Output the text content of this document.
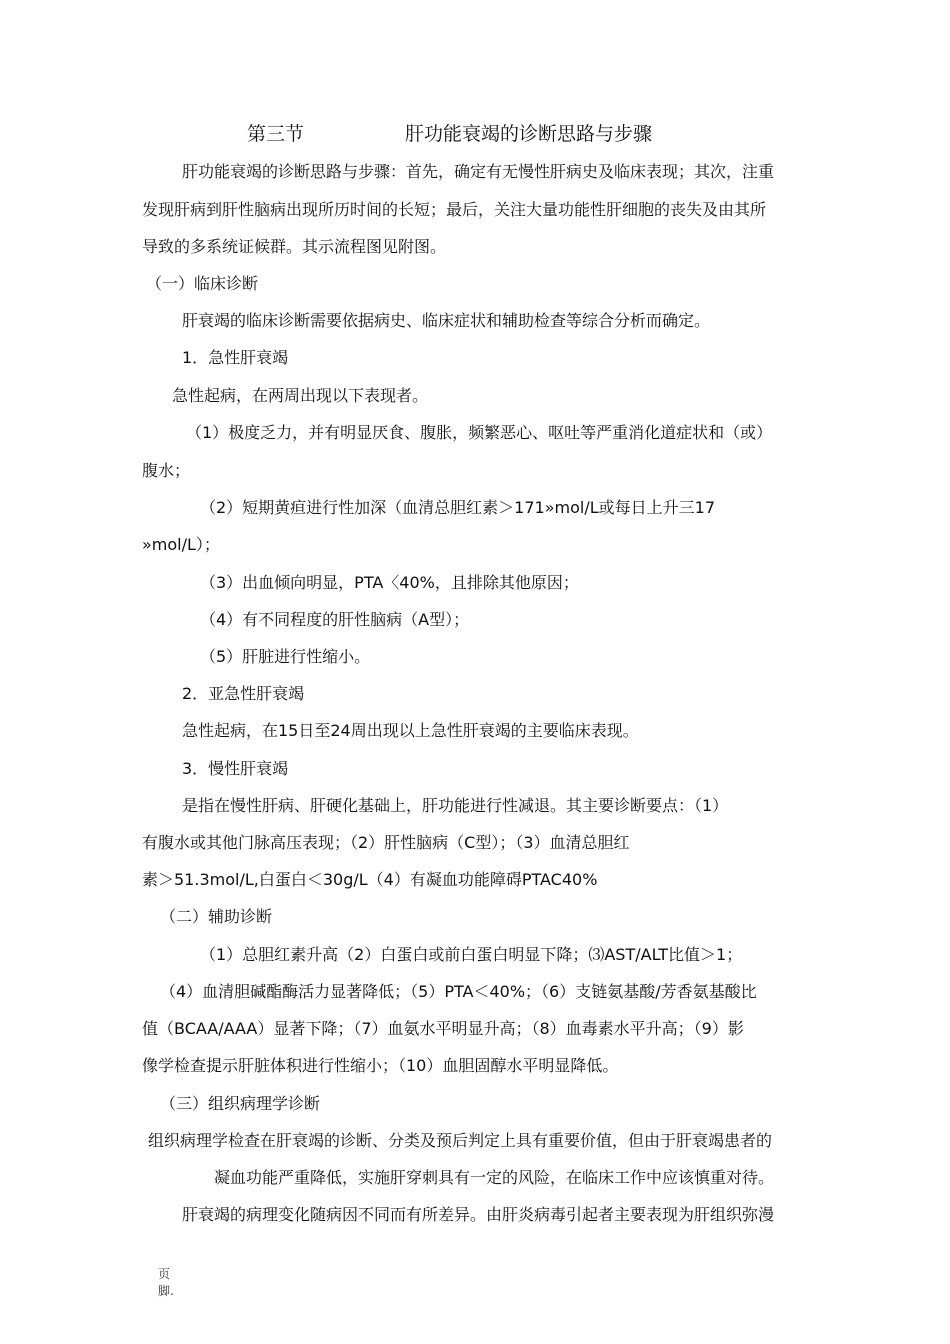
第三节	肝功能衰竭的诊断思路与步骤
肝功能衰竭的诊断思路与步骤：首先，确定有无慢性肝病史及临床表现；其次，注重
发现肝病到肝性脑病出现所历时间的长短；最后，关注大量功能性肝细胞的丧失及由其所
导致的多系统证候群。其示流程图见附图。
（一）临床诊断
肝衰竭的临床诊断需要依据病史、临床症状和辅助检查等综合分析而确定。
1．急性肝衰竭
急性起病，在两周出现以下表现者。
（1）极度乏力，并有明显厌食、腹胀，频繁恶心、呕吐等严重消化道症状和（或）
腹水；
（2）短期黄疸进行性加深（血清总胆红素＞171»mol/L或每日上升三17
»mol/L）；
（3）出血倾向明显，PTA〈40%，且排除其他原因；
（4）有不同程度的肝性脑病（A型）；
（5）肝脏进行性缩小。
2．亚急性肝衰竭
急性起病，在15日至24周出现以上急性肝衰竭的主要临床表现。
3．慢性肝衰竭
是指在慢性肝病、肝硬化基础上，肝功能进行性减退。其主要诊断要点：（1）
有腹水或其他门脉高压表现；（2）肝性脑病（C型）；（3）血清总胆红
素＞51.3mol/L,白蛋白＜30g/L（4）有凝血功能障碍PTAC40%
（二）辅助诊断
（1）总胆红素升高（2）白蛋白或前白蛋白明显下降；⑶AST/ALT比值＞1；
（4）血清胆碱酯酶活力显著降低；（5）PTA＜40%；（6）支链氨基酸/芳香氨基酸比
值（BCAA/AAA）显著下降；（7）血氨水平明显升高；（8）血毒素水平升高；（9）影
像学检查提示肝脏体积进行性缩小；（10）血胆固醇水平明显降低。
（三）组织病理学诊断
组织病理学检查在肝衰竭的诊断、分类及预后判定上具有重要价值，但由于肝衰竭患者的
凝血功能严重降低，实施肝穿刺具有一定的风险，在临床工作中应该慎重对待。
肝衰竭的病理变化随病因不同而有所差异。由肝炎病毒引起者主要表现为肝组织弥漫
页
脚.
